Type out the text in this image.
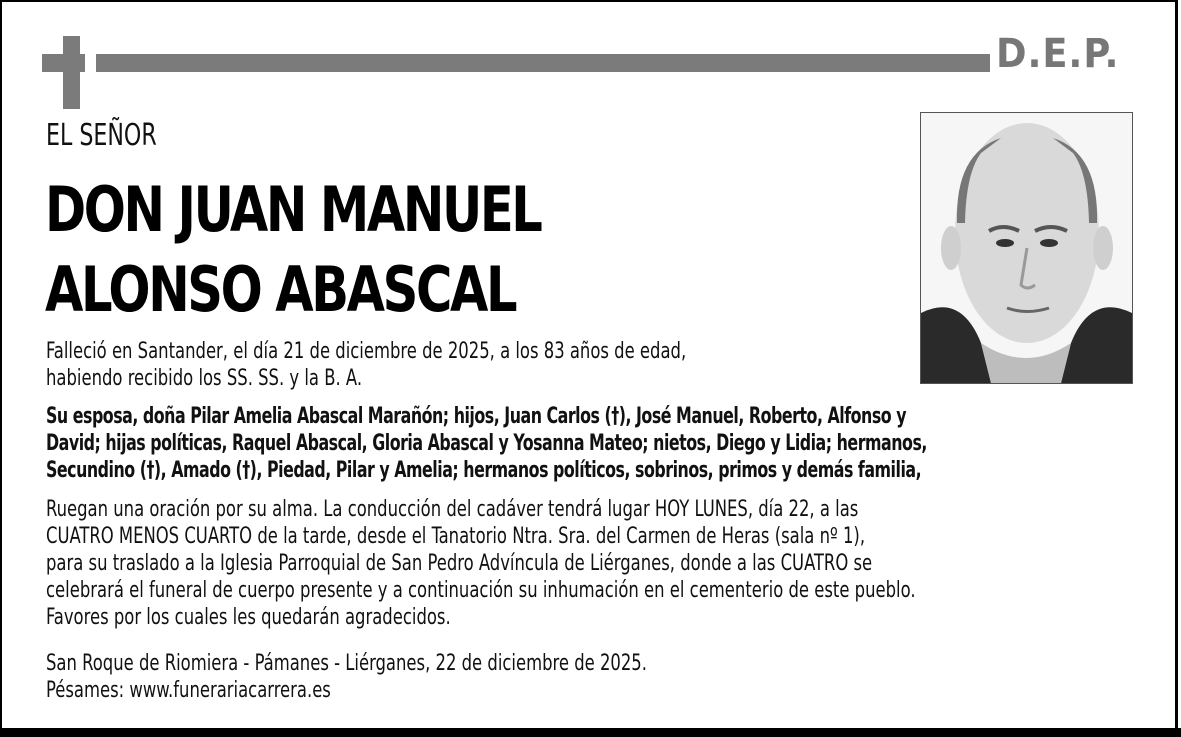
D.E.P.
EL SEÑOR
DON JUAN MANUEL
ALONSO ABASCAL
Falleció en Santander, el día 21 de diciembre de 2025, a los 83 años de edad,
habiendo recibido los SS. SS. y la B. A.
Su esposa, doña Pilar Amelia Abascal Marañón; hijos, Juan Carlos (†), José Manuel, Roberto, Alfonso y
David; hijas políticas, Raquel Abascal, Gloria Abascal y Yosanna Mateo; nietos, Diego y Lidia; hermanos,
Secundino (†), Amado (†), Piedad, Pilar y Amelia; hermanos políticos, sobrinos, primos y demás familia,
Ruegan una oración por su alma. La conducción del cadáver tendrá lugar HOY LUNES, día 22, a las
CUATRO MENOS CUARTO de la tarde, desde el Tanatorio Ntra. Sra. del Carmen de Heras (sala nº 1),
para su traslado a la Iglesia Parroquial de San Pedro Advíncula de Liérganes, donde a las CUATRO se
celebrará el funeral de cuerpo presente y a continuación su inhumación en el cementerio de este pueblo.
Favores por los cuales les quedarán agradecidos.
San Roque de Riomiera - Pámanes - Liérganes, 22 de diciembre de 2025.
Pésames: www.funerariacarrera.es
